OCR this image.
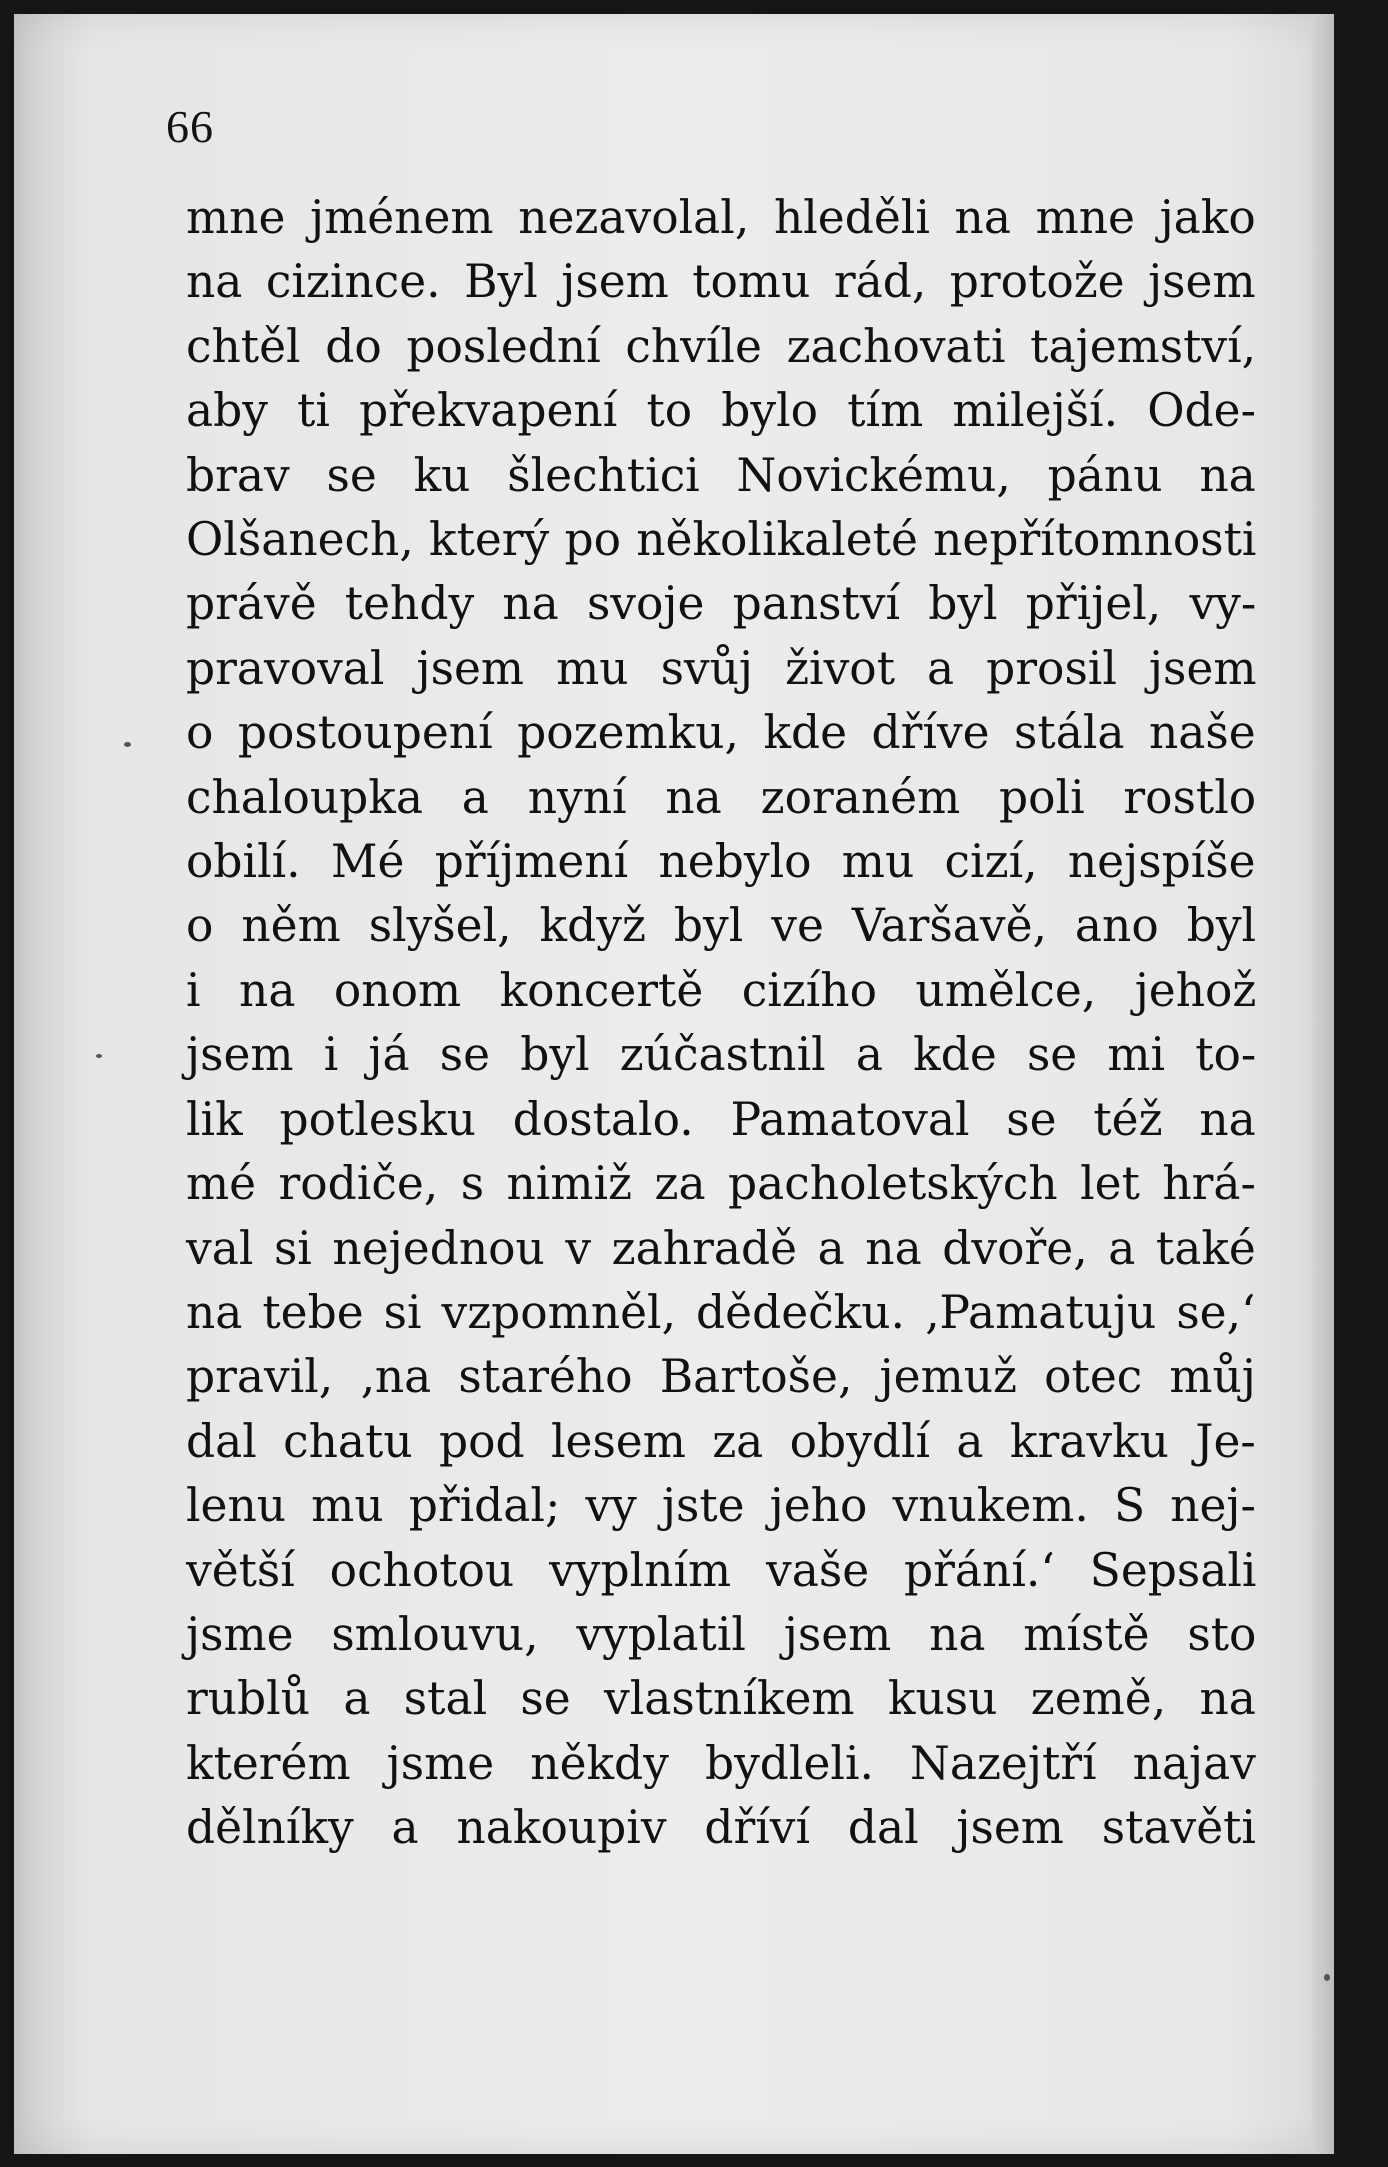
66
mne jménem nezavolal, hleděli na mne jako
na cizince. Byl jsem tomu rád, protože jsem
chtěl do poslední chvíle zachovati tajemství,
aby ti překvapení to bylo tím milejší. Ode-
brav se ku šlechtici Novickému, pánu na
Olšanech, který po několikaleté nepřítomnosti
právě tehdy na svoje panství byl přijel, vy-
pravoval jsem mu svůj život a prosil jsem
o postoupení pozemku, kde dříve stála naše
chaloupka a nyní na zoraném poli rostlo
obilí. Mé příjmení nebylo mu cizí, nejspíše
o něm slyšel, když byl ve Varšavě, ano byl
i na onom koncertě cizího umělce, jehož
jsem i já se byl zúčastnil a kde se mi to-
lik potlesku dostalo. Pamatoval se též na
mé rodiče, s nimiž za pacholetských let hrá-
val si nejednou v zahradě a na dvoře, a také
na tebe si vzpomněl, dědečku. ‚Pamatuju se,‘
pravil, ‚na starého Bartoše, jemuž otec můj
dal chatu pod lesem za obydlí a kravku Je-
lenu mu přidal; vy jste jeho vnukem. S nej-
větší ochotou vyplním vaše přání.‘ Sepsali
jsme smlouvu, vyplatil jsem na místě sto
rublů a stal se vlastníkem kusu země, na
kterém jsme někdy bydleli. Nazejtří najav
dělníky a nakoupiv dříví dal jsem stavěti
